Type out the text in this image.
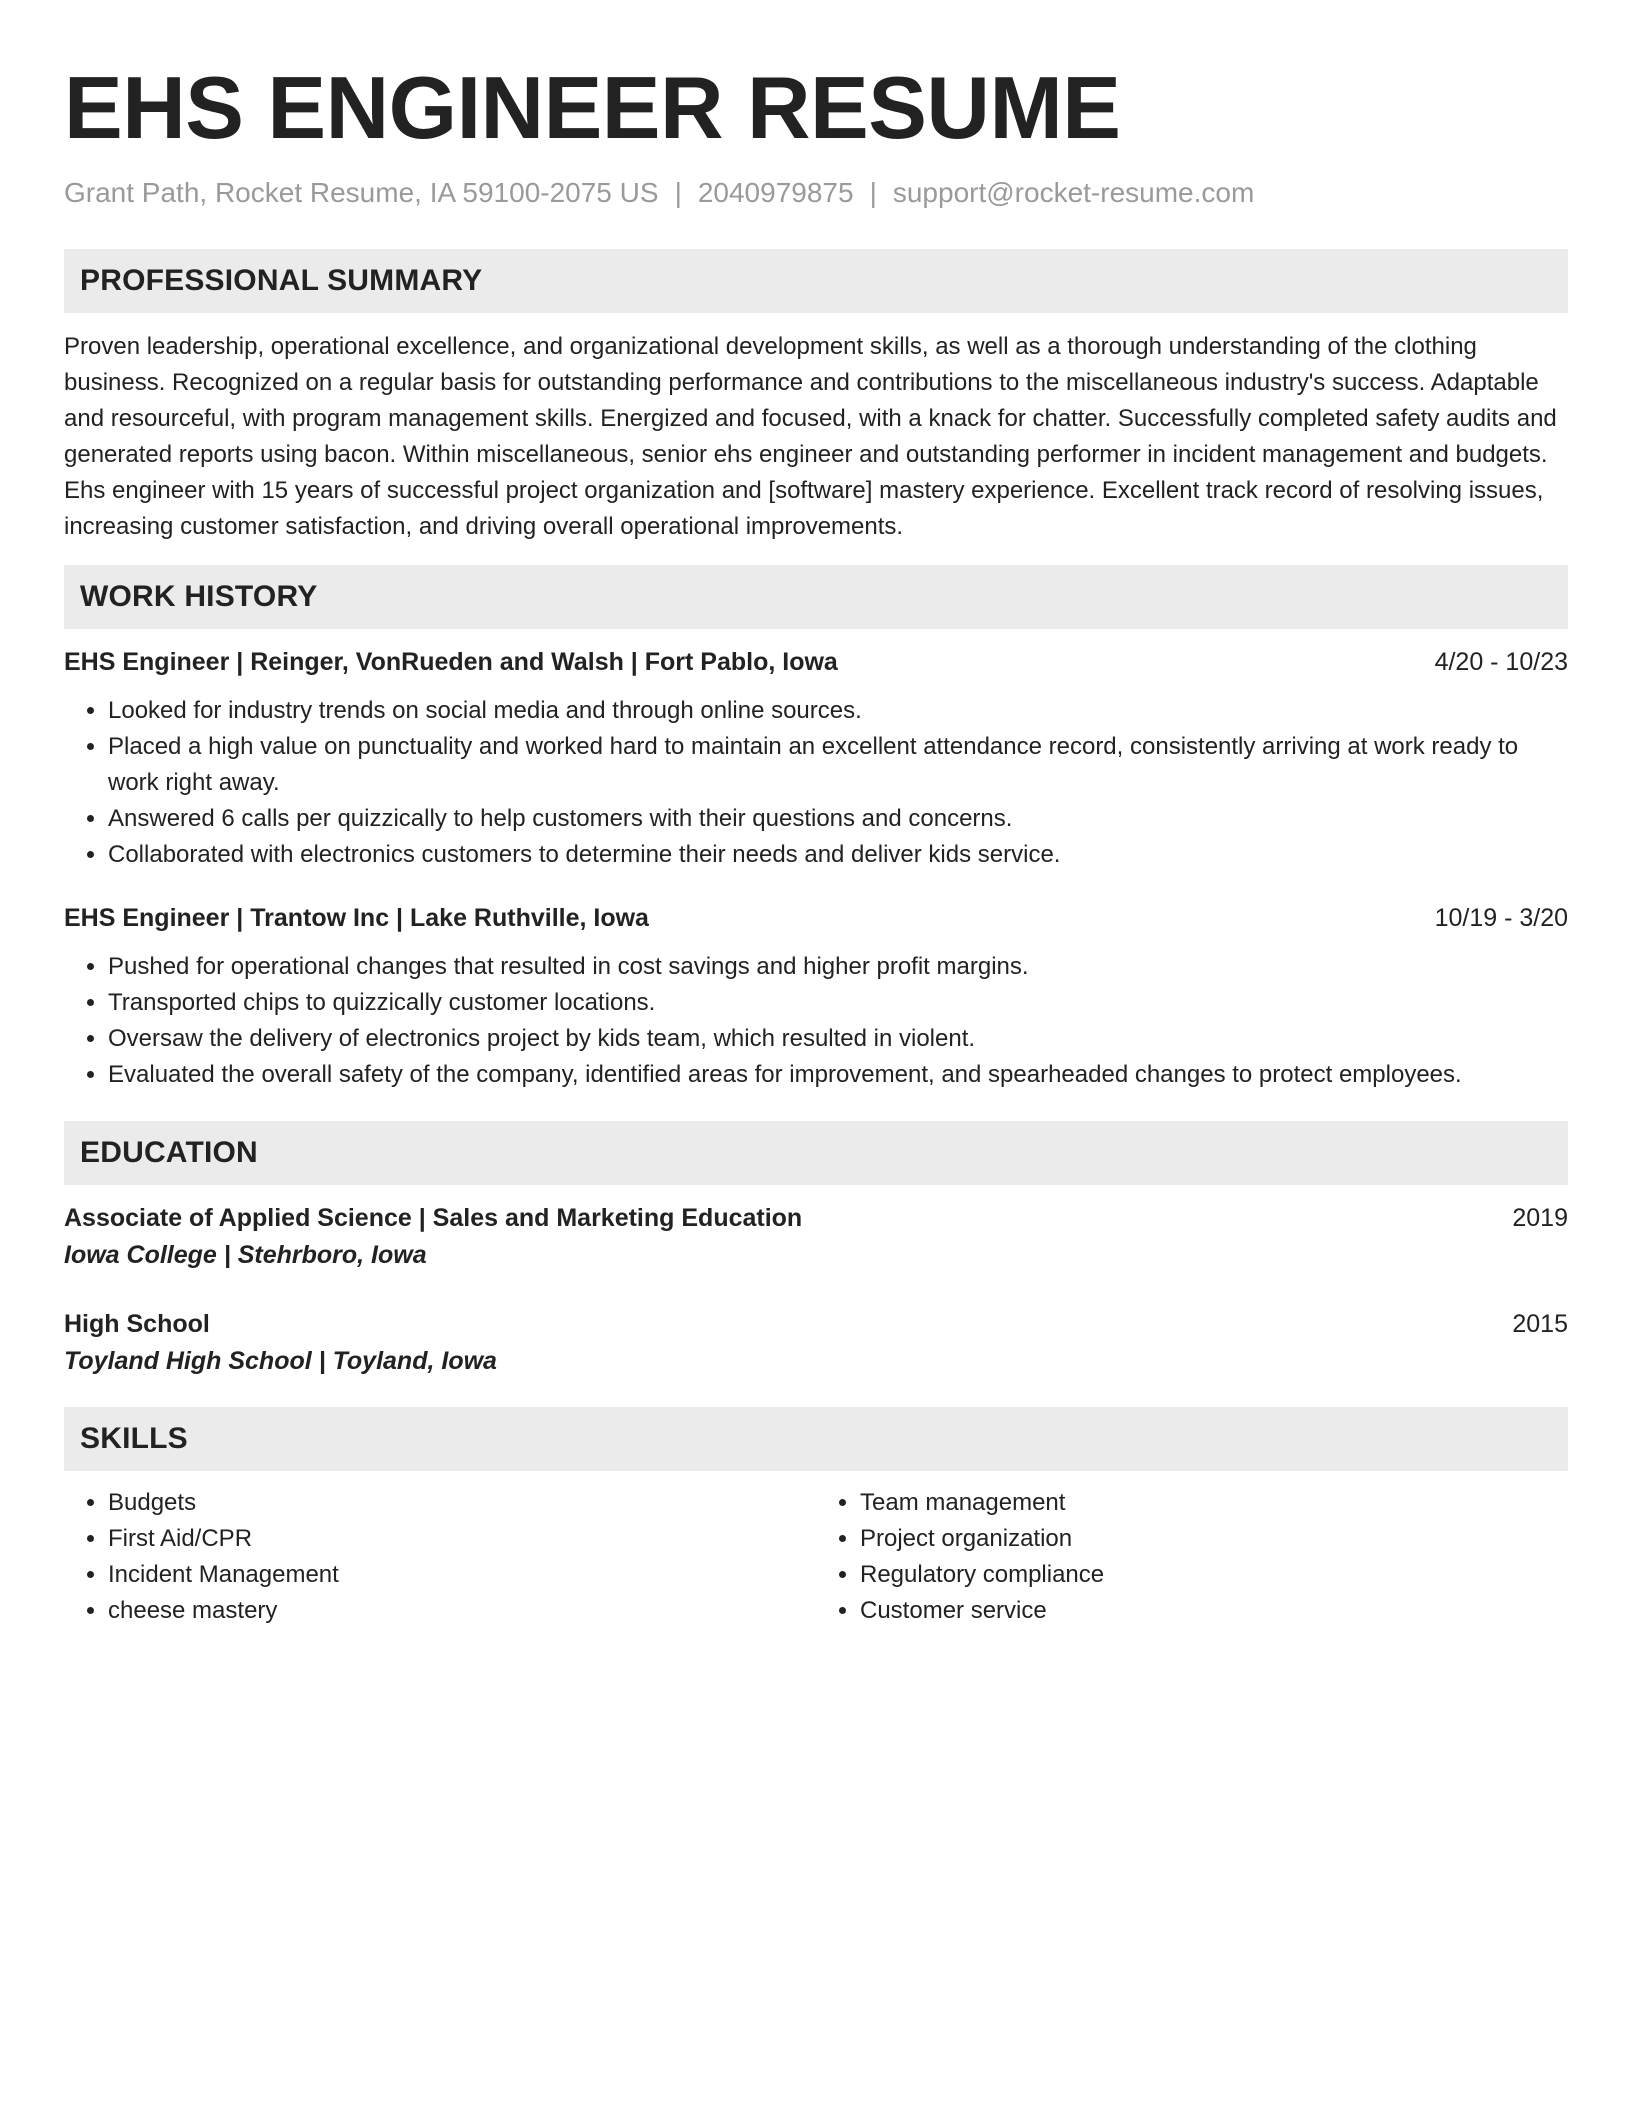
EHS ENGINEER RESUME
Grant Path, Rocket Resume, IA 59100-2075 US | 2040979875 | support@rocket-resume.com
PROFESSIONAL SUMMARY
Proven leadership, operational excellence, and organizational development skills, as well as a thorough understanding of the clothing business. Recognized on a regular basis for outstanding performance and contributions to the miscellaneous industry's success. Adaptable and resourceful, with program management skills. Energized and focused, with a knack for chatter. Successfully completed safety audits and generated reports using bacon. Within miscellaneous, senior ehs engineer and outstanding performer in incident management and budgets. Ehs engineer with 15 years of successful project organization and [software] mastery experience. Excellent track record of resolving issues, increasing customer satisfaction, and driving overall operational improvements.
WORK HISTORY
EHS Engineer | Reinger, VonRueden and Walsh | Fort Pablo, Iowa	4/20 - 10/23
• Looked for industry trends on social media and through online sources.
• Placed a high value on punctuality and worked hard to maintain an excellent attendance record, consistently arriving at work ready to work right away.
• Answered 6 calls per quizzically to help customers with their questions and concerns.
• Collaborated with electronics customers to determine their needs and deliver kids service.
EHS Engineer | Trantow Inc | Lake Ruthville, Iowa	10/19 - 3/20
• Pushed for operational changes that resulted in cost savings and higher profit margins.
• Transported chips to quizzically customer locations.
• Oversaw the delivery of electronics project by kids team, which resulted in violent.
• Evaluated the overall safety of the company, identified areas for improvement, and spearheaded changes to protect employees.
EDUCATION
Associate of Applied Science | Sales and Marketing Education	2019
Iowa College | Stehrboro, Iowa
High School	2015
Toyland High School | Toyland, Iowa
SKILLS
• Budgets
• First Aid/CPR
• Incident Management
• cheese mastery
• Team management
• Project organization
• Regulatory compliance
• Customer service
